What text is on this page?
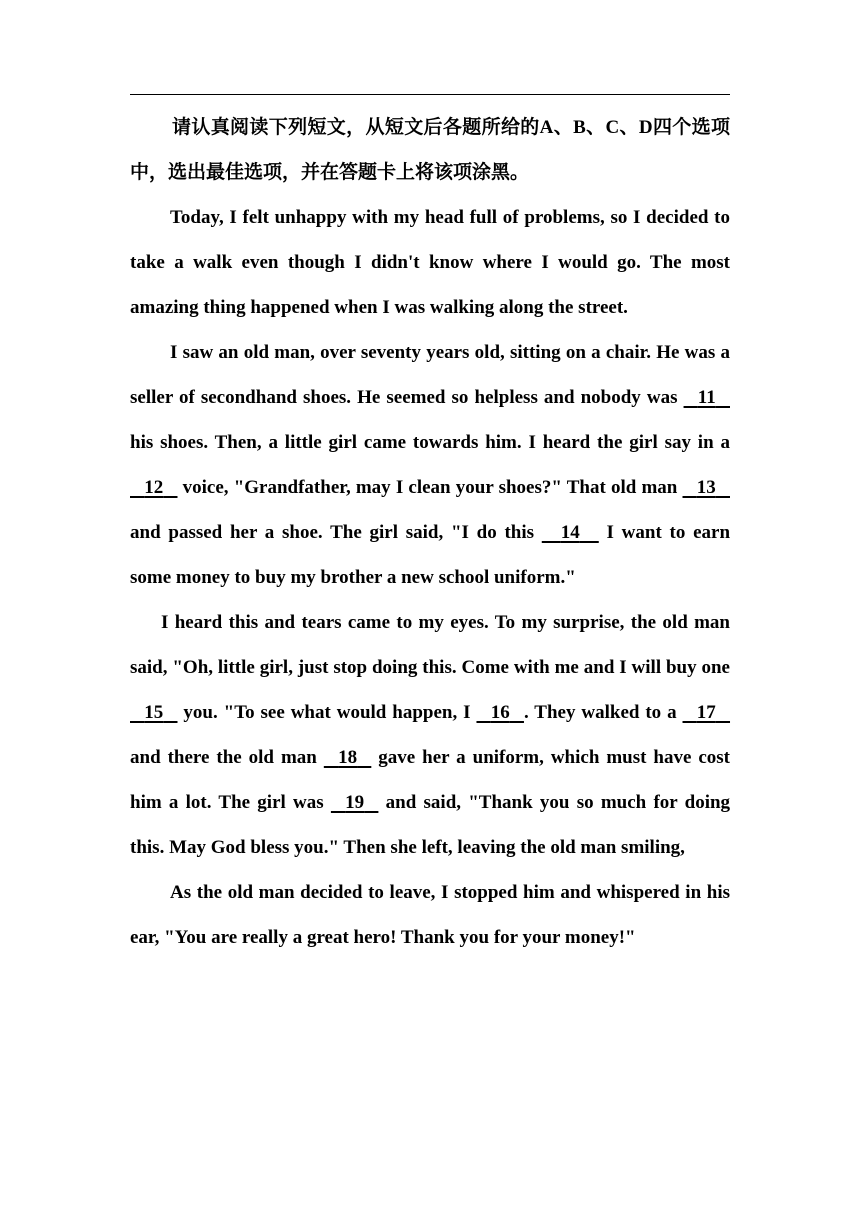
请认真阅读下列短文，从短文后各题所给的A、B、C、D四个选项中，选出最佳选项，并在答题卡上将该项涂黑。

Today, I felt unhappy with my head full of problems, so I decided to take a walk even though I didn't know where I would go. The most amazing thing happened when I was walking along the street.

I saw an old man, over seventy years old, sitting on a chair. He was a seller of secondhand shoes. He seemed so helpless and nobody was 11    his shoes. Then, a little girl came towards him. I heard the girl say in a    12 voice, "Grandfather, may I clean your shoes?" That old man 13    and passed her a shoe. The girl said, "I do this 14 I want to earn some money to buy my brother a new school uniform."

I heard this and tears came to my eyes. To my surprise, the old man said, "Oh, little girl, just stop doing this. Come with me and I will buy one    15 you. "To see what would happen, I 16 . They walked to a 17    and there the old man 18 gave her a uniform, which must have cost him a lot. The girl was 19 and said, "Thank you so much for doing this. May God bless you." Then she left, leaving the old man smiling,

As the old man decided to leave, I stopped him and whispered in his ear, "You are really a great hero! Thank you for your money!"
